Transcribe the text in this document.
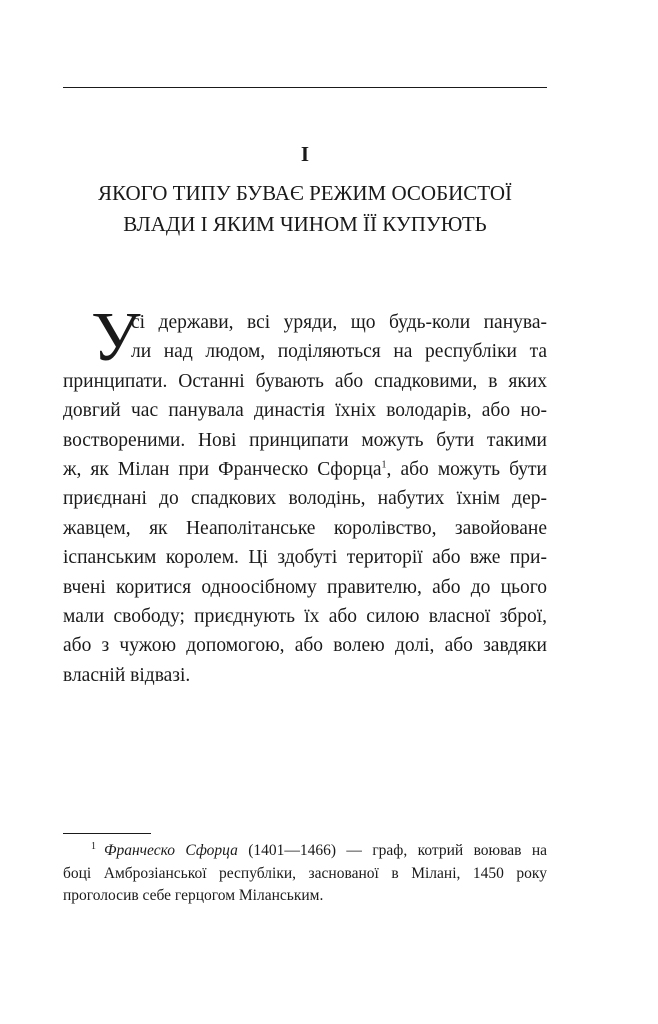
I
ЯКОГО ТИПУ БУВАЄ РЕЖИМ ОСОБИСТОЇ
ВЛАДИ І ЯКИМ ЧИНОМ ЇЇ КУПУЮТЬ
У
сі держави, всі уряди, що будь-коли панува-
ли над людом, поділяються на республіки та
принципати. Останні бувають або спадковими, в яких
довгий час панувала династія їхніх володарів, або но-
воствореними. Нові принципати можуть бути такими
ж, як Мілан при Франческо Сфорца$^1$, або можуть бути
приєднані до спадкових володінь, набутих їхнім дер-
жавцем, як Неаполітанське королівство, завойоване
іспанським королем. Ці здобуті території або вже при-
вчені коритися одноосібному правителю, або до цього
мали свободу; приєднують їх або силою власної зброї,
або з чужою допомогою, або волею долі, або завдяки
власній відвазі.
$^1$ Франческо Сфорца (1401—1466) — граф, котрий воював на
боці Амброзіанської республіки, заснованої в Мілані, 1450 року
проголосив себе герцогом Міланським.
